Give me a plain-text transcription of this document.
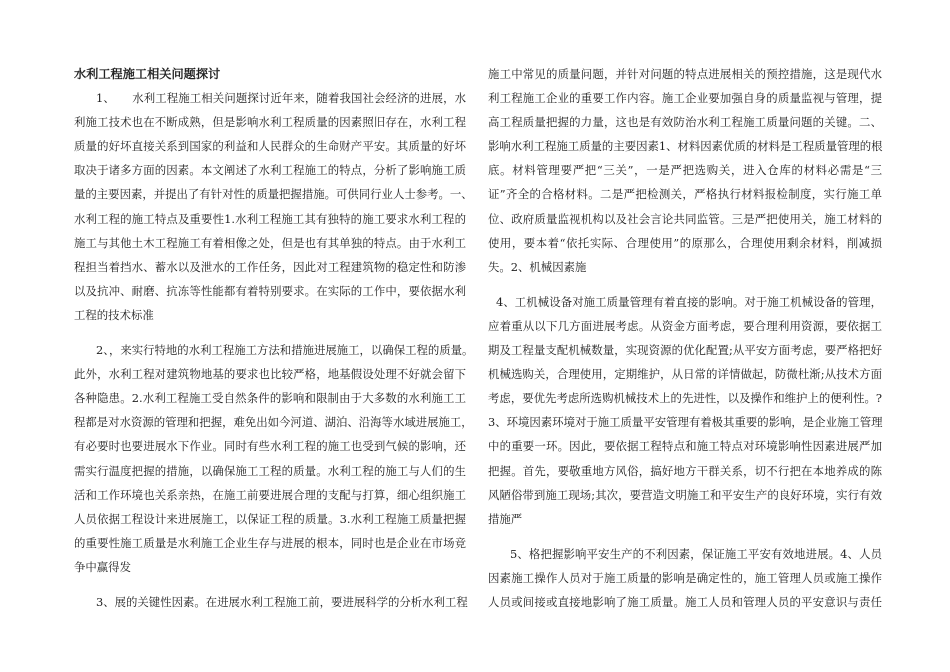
水利工程施工相关问题探讨
1、　　水利工程施工相关问题探讨近年来，随着我国社会经济的进展，水
利施工技术也在不断成熟，但是影响水利工程质量的因素照旧存在，水利工程
质量的好坏直接关系到国家的利益和人民群众的生命财产平安。其质量的好坏
取决于诸多方面的因素。本文阐述了水利工程施工的特点，分析了影响施工质
量的主要因素，并提出了有针对性的质量把握措施。可供同行业人士参考。一、
水利工程的施工特点及重要性1.水利工程施工其有独特的施工要求水利工程的
施工与其他土木工程施工有着相像之处，但是也有其单独的特点。由于水利工
程担当着挡水、蓄水以及泄水的工作任务，因此对工程建筑物的稳定性和防渗
以及抗冲、耐磨、抗冻等性能都有着特别要求。在实际的工作中，要依据水利
工程的技术标准
2、，来实行特地的水利工程施工方法和措施进展施工，以确保工程的质量。
此外，水利工程对建筑物地基的要求也比较严格，地基假设处理不好就会留下
各种隐患。2.水利工程施工受自然条件的影响和限制由于大多数的水利施工工
程都是对水资源的管理和把握，难免出如今河道、湖泊、沿海等水域进展施工，
有必要时也要进展水下作业。同时有些水利工程的施工也受到气候的影响，还
需实行温度把握的措施，以确保施工工程的质量。水利工程的施工与人们的生
活和工作环境也关系亲热，在施工前要进展合理的支配与打算，细心组织施工
人员依据工程设计来进展施工，以保证工程的质量。3.水利工程施工质量把握
的重要性施工质量是水利施工企业生存与进展的根本，同时也是企业在市场竞
争中赢得发
3、展的关键性因素。在进展水利工程施工前，要进展科学的分析水利工程
施工中常见的质量问题，并针对问题的特点进展相关的预控措施，这是现代水
利工程施工企业的重要工作内容。施工企业要加强自身的质量监视与管理，提
高工程质量把握的力量，这也是有效防治水利工程施工质量问题的关键。二、
影响水利工程施工质量的主要因素1、材料因素优质的材料是工程质量管理的根
底。材料管理要严把“三关”，一是严把选购关，进入仓库的材料必需是“三
证”齐全的合格材料。二是严把检测关，严格执行材料报检制度，实行施工单
位、政府质量监视机构以及社会言论共同监管。三是严把使用关，施工材料的
使用，要本着“依托实际、合理使用”的原那么，合理使用剩余材料，削减损
失。2、机械因素施
4、工机械设备对施工质量管理有着直接的影响。对于施工机械设备的管理，
应着重从以下几方面进展考虑。从资金方面考虑，要合理利用资源，要依据工
期及工程量支配机械数量，实现资源的优化配置;从平安方面考虑，要严格把好
机械选购关，合理使用，定期维护，从日常的详情做起，防微杜渐;从技术方面
考虑，要优先考虑所选购机械技术上的先进性，以及操作和维护上的便利性。?
3、环境因素环境对于施工质量平安管理有着极其重要的影响，是企业施工管理
中的重要一环。因此，要依据工程特点和施工特点对环境影响性因素进展严加
把握。首先，要敬重地方风俗，搞好地方干群关系，切不行把在本地养成的陈
风陋俗带到施工现场;其次，要营造文明施工和平安生产的良好环境，实行有效
措施严
5、格把握影响平安生产的不利因素，保证施工平安有效地进展。4、人员
因素施工操作人员对于施工质量的影响是确定性的，施工管理人员或施工操作
人员或间接或直接地影响了施工质量。施工人员和管理人员的平安意识与责任
